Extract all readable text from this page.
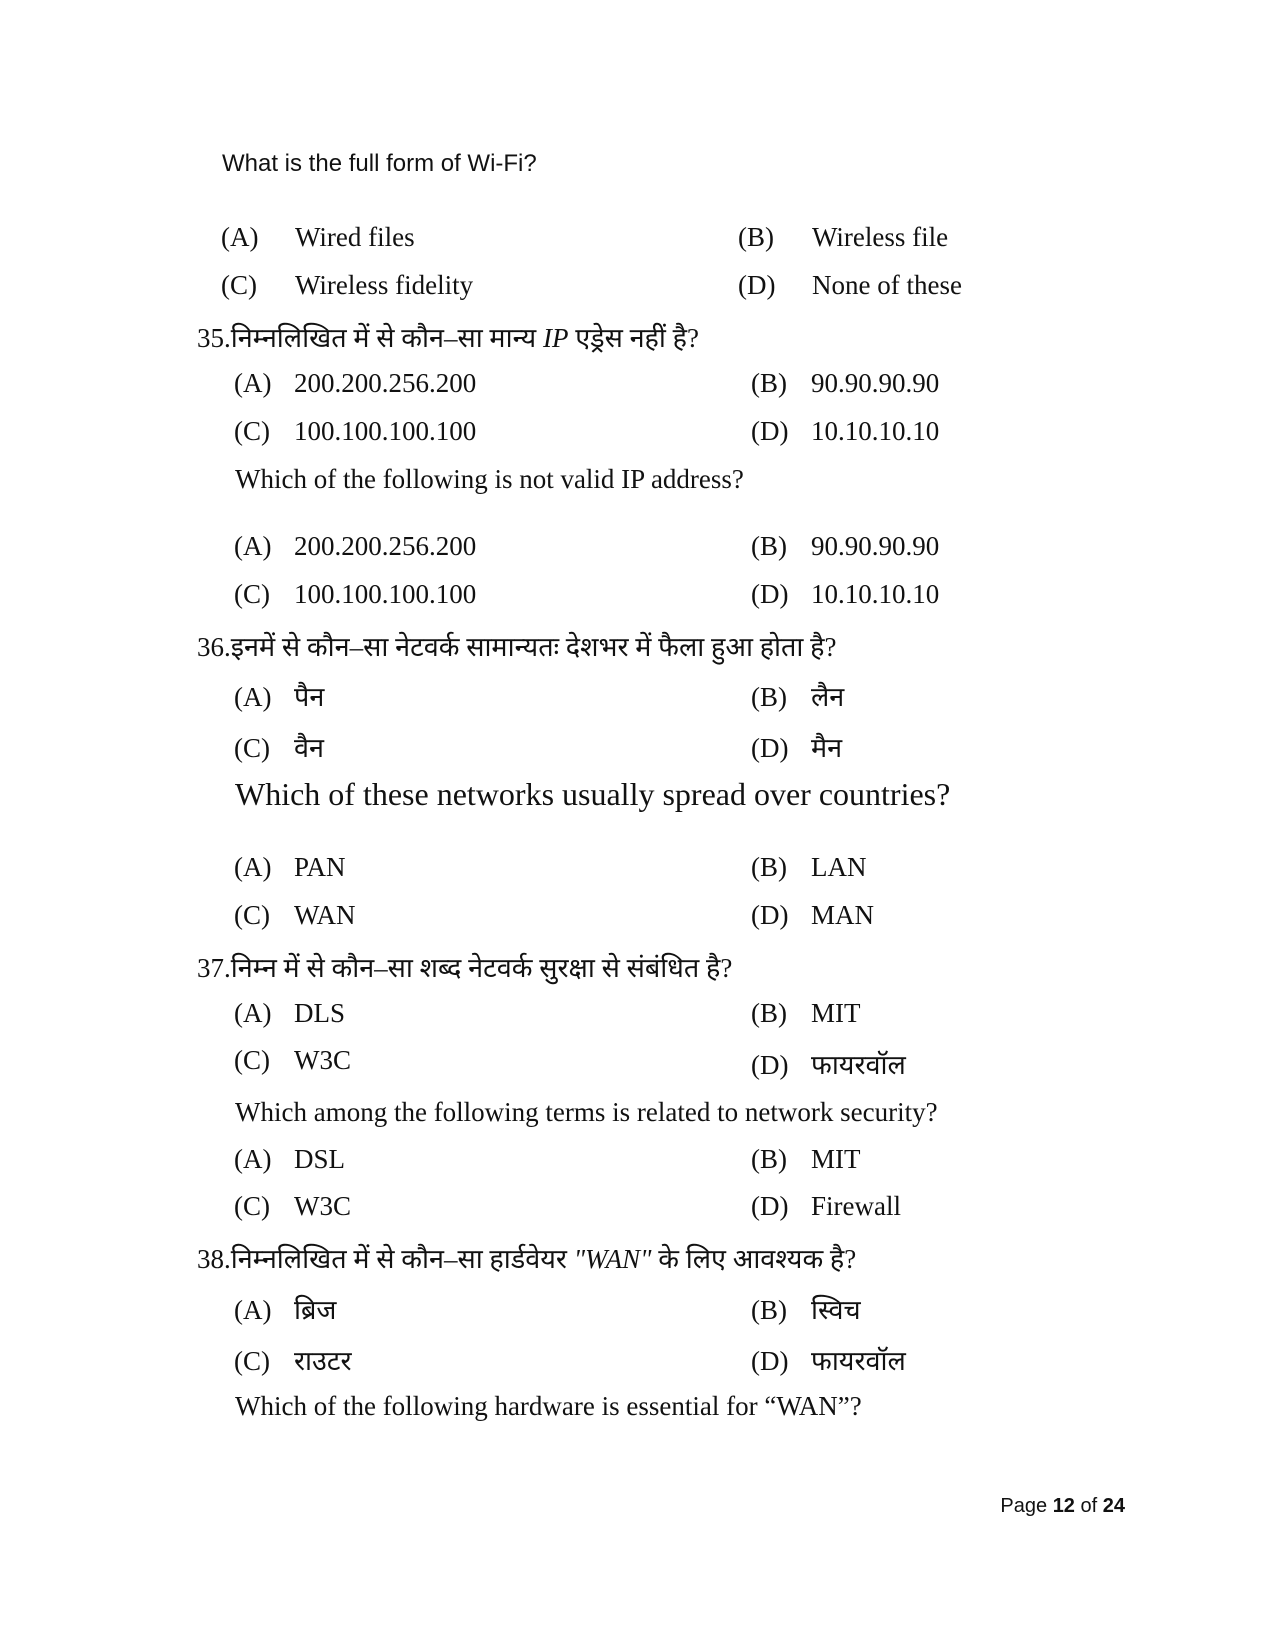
What is the full form of Wi-Fi?
(A) Wired files	(B) Wireless file
(C) Wireless fidelity	(D) None of these
35.निम्नलिखित में से कौन–सा मान्य IP एड्रेस नहीं है?
(A) 200.200.256.200	(B) 90.90.90.90
(C) 100.100.100.100	(D) 10.10.10.10
Which of the following is not valid IP address?
(A) 200.200.256.200	(B) 90.90.90.90
(C) 100.100.100.100	(D) 10.10.10.10
36.इनमें से कौन–सा नेटवर्क सामान्यतः देशभर में फैला हुआ होता है?
(A) पैन	(B) लैन
(C) वैन	(D) मैन
Which of these networks usually spread over countries?
(A) PAN	(B) LAN
(C) WAN	(D) MAN
37.निम्न में से कौन–सा शब्द नेटवर्क सुरक्षा से संबंधित है?
(A) DLS	(B) MIT
(C) W3C	(D) फायरवॉल
Which among the following terms is related to network security?
(A) DSL	(B) MIT
(C) W3C	(D) Firewall
38.निम्नलिखित में से कौन–सा हार्डवेयर "WAN" के लिए आवश्यक है?
(A) ब्रिज	(B) स्विच
(C) राउटर	(D) फायरवॉल
Which of the following hardware is essential for “WAN”?
Page 12 of 24
